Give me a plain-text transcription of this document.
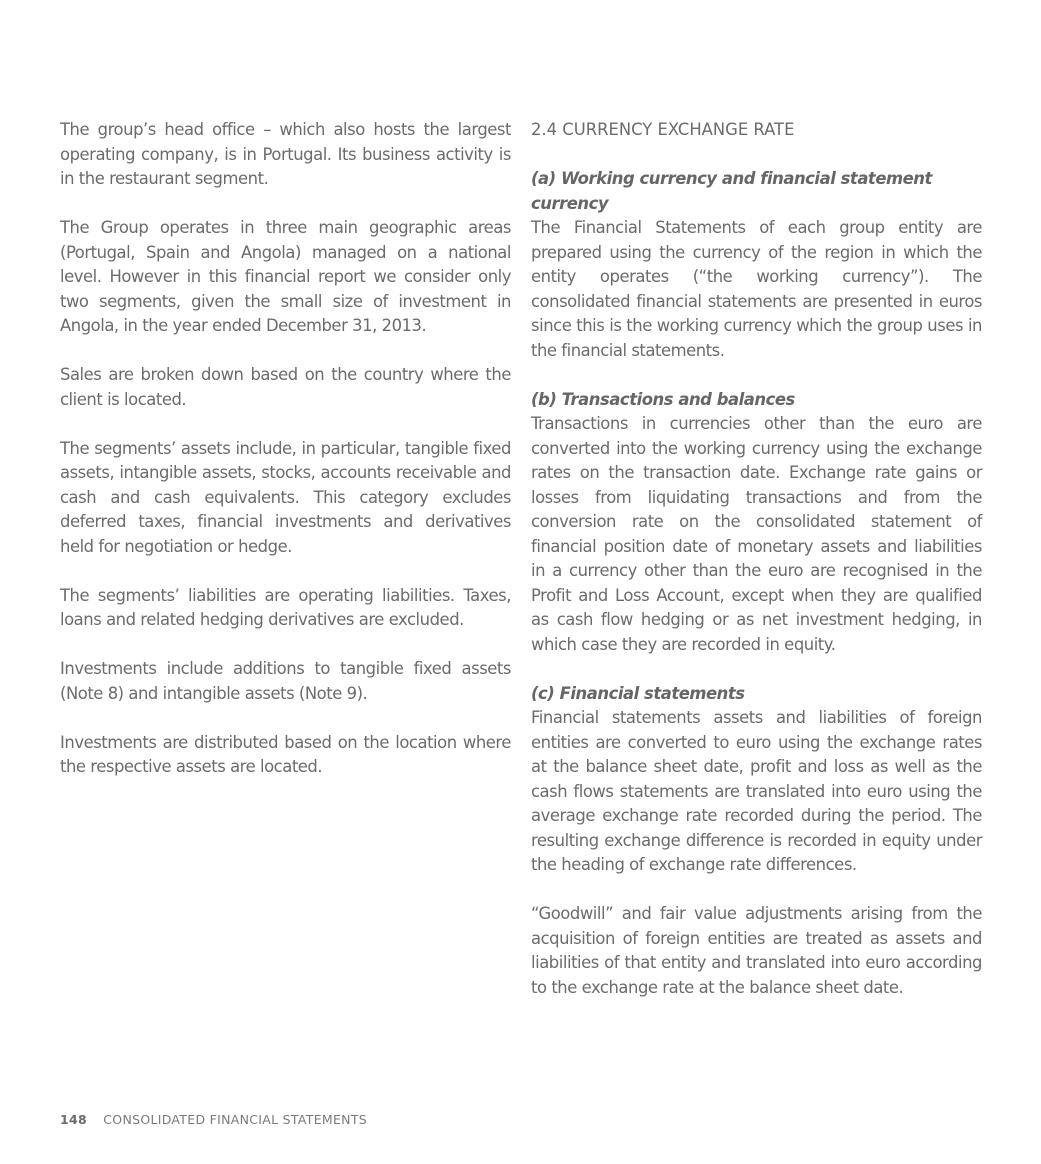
The group’s head office – which also hosts the largest operating company, is in Portugal. Its business activity is in the restaurant segment.

The Group operates in three main geographic areas (Portugal, Spain and Angola) managed on a national level. However in this financial report we consider only two segments, given the small size of investment in Angola, in the year ended December 31, 2013.

Sales are broken down based on the country where the client is located.

The segments’ assets include, in particular, tangible fixed assets, intangible assets, stocks, accounts receivable and cash and cash equivalents. This category excludes deferred taxes, financial investments and derivatives held for negotiation or hedge.

The segments’ liabilities are operating liabilities. Taxes, loans and related hedging derivatives are excluded.

Investments include additions to tangible fixed assets (Note 8) and intangible assets (Note 9).

Investments are distributed based on the location where the respective assets are located.

2.4 CURRENCY EXCHANGE RATE

(a) Working currency and financial statement currency
The Financial Statements of each group entity are prepared using the currency of the region in which the entity operates (“the working currency”). The consolidated financial statements are presented in euros since this is the working currency which the group uses in the financial statements.

(b) Transactions and balances
Transactions in currencies other than the euro are converted into the working currency using the exchange rates on the transaction date. Exchange rate gains or losses from liquidating transactions and from the conversion rate on the consolidated statement of financial position date of monetary assets and liabilities in a currency other than the euro are recognised in the Profit and Loss Account, except when they are qualified as cash flow hedging or as net investment hedging, in which case they are recorded in equity.

(c) Financial statements
Financial statements assets and liabilities of foreign entities are converted to euro using the exchange rates at the balance sheet date, profit and loss as well as the cash flows statements are translated into euro using the average exchange rate recorded during the period. The resulting exchange difference is recorded in equity under the heading of exchange rate differences.

“Goodwill” and fair value adjustments arising from the acquisition of foreign entities are treated as assets and liabilities of that entity and translated into euro according to the exchange rate at the balance sheet date.

148 CONSOLIDATED FINANCIAL STATEMENTS
